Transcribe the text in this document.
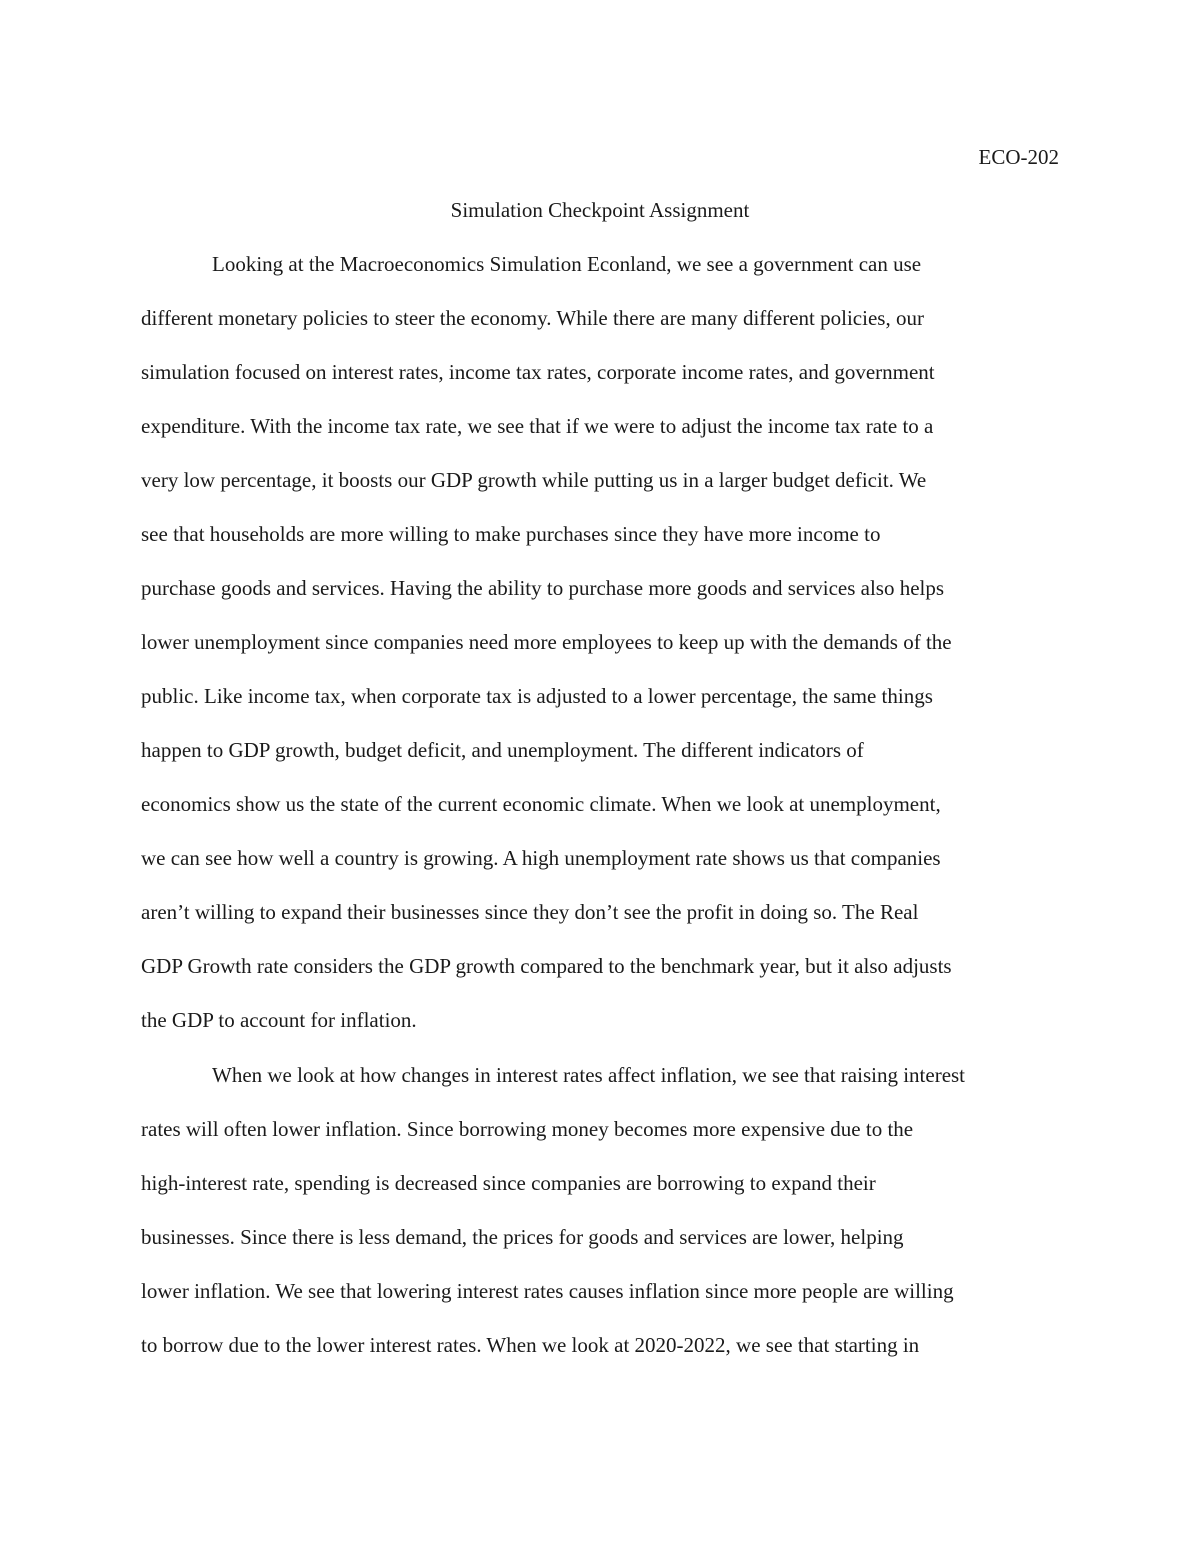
ECO-202
Simulation Checkpoint Assignment
Looking at the Macroeconomics Simulation Econland, we see a government can use
different monetary policies to steer the economy. While there are many different policies, our
simulation focused on interest rates, income tax rates, corporate income rates, and government
expenditure. With the income tax rate, we see that if we were to adjust the income tax rate to a
very low percentage, it boosts our GDP growth while putting us in a larger budget deficit. We
see that households are more willing to make purchases since they have more income to
purchase goods and services. Having the ability to purchase more goods and services also helps
lower unemployment since companies need more employees to keep up with the demands of the
public. Like income tax, when corporate tax is adjusted to a lower percentage, the same things
happen to GDP growth, budget deficit, and unemployment. The different indicators of
economics show us the state of the current economic climate. When we look at unemployment,
we can see how well a country is growing. A high unemployment rate shows us that companies
aren’t willing to expand their businesses since they don’t see the profit in doing so. The Real
GDP Growth rate considers the GDP growth compared to the benchmark year, but it also adjusts
the GDP to account for inflation.
When we look at how changes in interest rates affect inflation, we see that raising interest
rates will often lower inflation. Since borrowing money becomes more expensive due to the
high-interest rate, spending is decreased since companies are borrowing to expand their
businesses. Since there is less demand, the prices for goods and services are lower, helping
lower inflation. We see that lowering interest rates causes inflation since more people are willing
to borrow due to the lower interest rates. When we look at 2020-2022, we see that starting in
